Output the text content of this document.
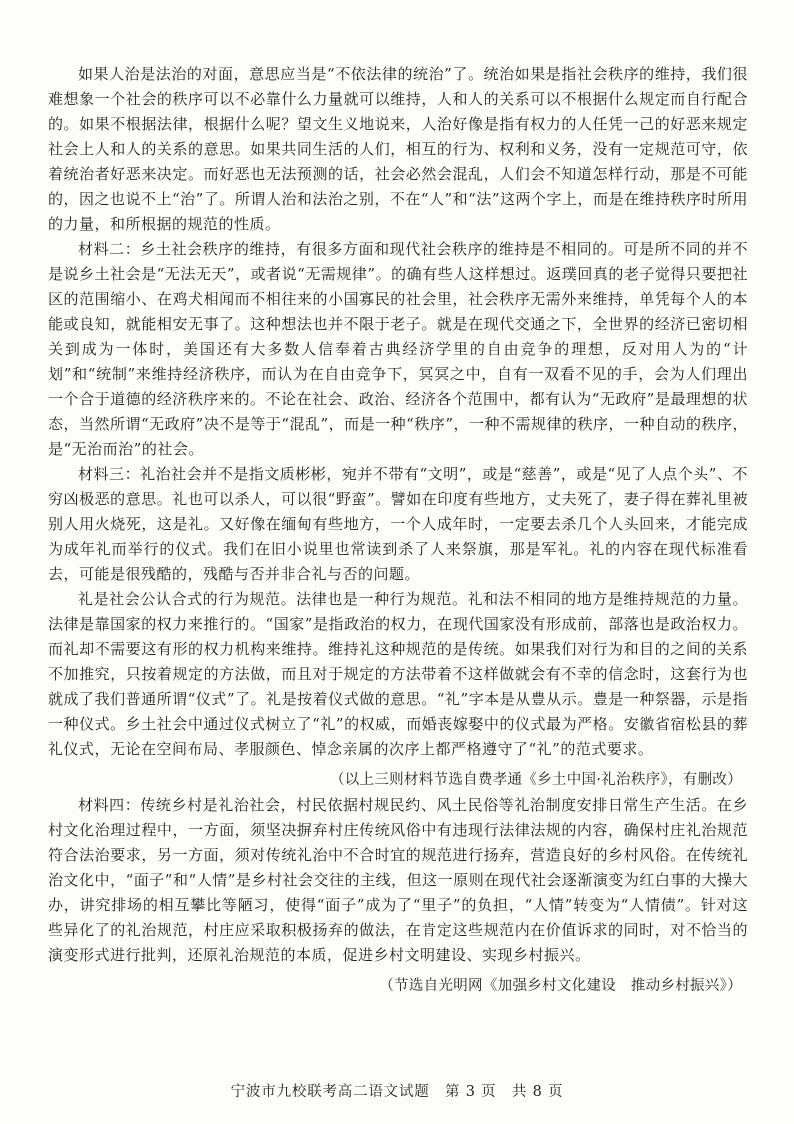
如果人治是法治的对面，意思应当是“不依法律的统治”了。统治如果是指社会秩序的维持，我们很难想象一个社会的秩序可以不必靠什么力量就可以维持，人和人的关系可以不根据什么规定而自行配合的。如果不根据法律，根据什么呢？望文生义地说来，人治好像是指有权力的人任凭一己的好恶来规定社会上人和人的关系的意思。如果共同生活的人们，相互的行为、权利和义务，没有一定规范可守，依着统治者好恶来决定。而好恶也无法预测的话，社会必然会混乱，人们会不知道怎样行动，那是不可能的，因之也说不上“治”了。所谓人治和法治之别，不在“人”和“法”这两个字上，而是在维持秩序时所用的力量，和所根据的规范的性质。

材料二：乡土社会秩序的维持，有很多方面和现代社会秩序的维持是不相同的。可是所不同的并不是说乡土社会是“无法无天”，或者说“无需规律”。的确有些人这样想过。返璞回真的老子觉得只要把社区的范围缩小、在鸡犬相闻而不相往来的小国寡民的社会里，社会秩序无需外来维持，单凭每个人的本能或良知，就能相安无事了。这种想法也并不限于老子。就是在现代交通之下，全世界的经济已密切相关到成为一体时，美国还有大多数人信奉着古典经济学里的自由竞争的理想，反对用人为的“计划”和“统制”来维持经济秩序，而认为在自由竞争下，冥冥之中，自有一双看不见的手，会为人们理出一个合于道德的经济秩序来的。不论在社会、政治、经济各个范围中，都有认为“无政府”是最理想的状态，当然所谓“无政府”决不是等于“混乱”，而是一种“秩序”，一种不需规律的秩序，一种自动的秩序，是“无治而治”的社会。

材料三：礼治社会并不是指文质彬彬，宛并不带有“文明”，或是“慈善”，或是“见了人点个头”、不穷凶极恶的意思。礼也可以杀人，可以很“野蛮”。譬如在印度有些地方，丈夫死了，妻子得在葬礼里被别人用火烧死，这是礼。又好像在缅甸有些地方，一个人成年时，一定要去杀几个人头回来，才能完成为成年礼而举行的仪式。我们在旧小说里也常读到杀了人来祭旗，那是军礼。礼的内容在现代标准看去，可能是很残酷的，残酷与否并非合礼与否的问题。

礼是社会公认合式的行为规范。法律也是一种行为规范。礼和法不相同的地方是维持规范的力量。法律是靠国家的权力来推行的。“国家”是指政治的权力，在现代国家没有形成前，部落也是政治权力。而礼却不需要这有形的权力机构来维持。维持礼这种规范的是传统。如果我们对行为和目的之间的关系不加推究，只按着规定的方法做，而且对于规定的方法带着不这样做就会有不幸的信念时，这套行为也就成了我们普通所谓“仪式”了。礼是按着仪式做的意思。“礼”字本是从豊从示。豊是一种祭器，示是指一种仪式。乡土社会中通过仪式树立了“礼”的权威，而婚丧嫁娶中的仪式最为严格。安徽省宿松县的葬礼仪式，无论在空间布局、孝服颜色、悼念亲属的次序上都严格遵守了“礼”的范式要求。

（以上三则材料节选自费孝通《乡土中国·礼治秩序》，有删改）

材料四：传统乡村是礼治社会，村民依据村规民约、风土民俗等礼治制度安排日常生产生活。在乡村文化治理过程中，一方面，须坚决摒弃村庄传统风俗中有违现行法律法规的内容，确保村庄礼治规范符合法治要求，另一方面，须对传统礼治中不合时宜的规范进行扬弃，营造良好的乡村风俗。在传统礼治文化中，“面子”和“人情”是乡村社会交往的主线，但这一原则在现代社会逐渐演变为红白事的大操大办，讲究排场的相互攀比等陋习，使得“面子”成为了“里子”的负担，“人情”转变为“人情债”。针对这些异化了的礼治规范，村庄应采取积极扬弃的做法，在肯定这些规范内在价值诉求的同时，对不恰当的演变形式进行批判，还原礼治规范的本质，促进乡村文明建设、实现乡村振兴。

（节选自光明网《加强乡村文化建设　推动乡村振兴》）

宁波市九校联考高二语文试题 第 3 页 共 8 页
